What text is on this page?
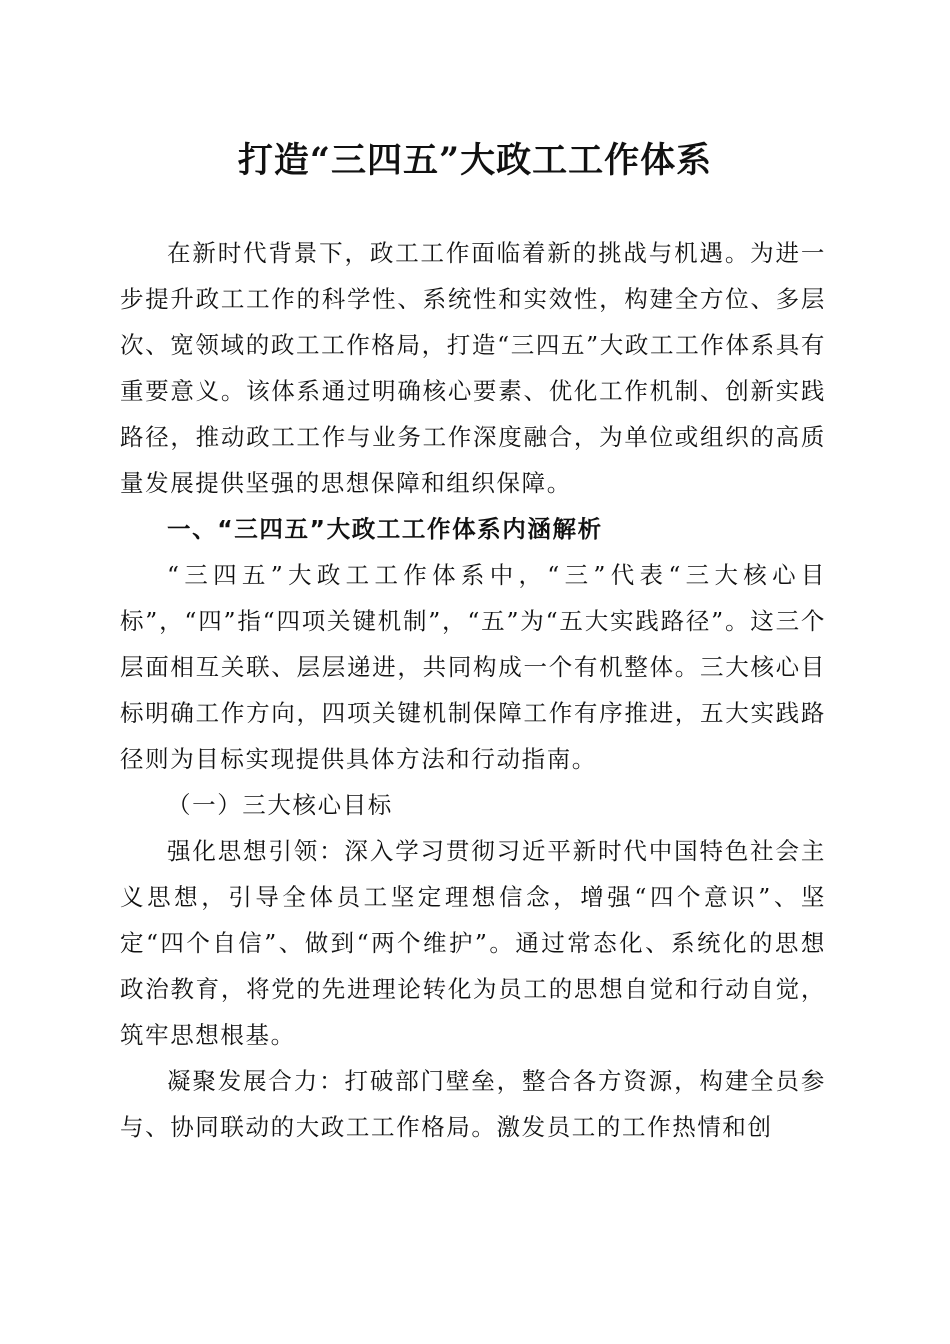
打造“三四五”大政工工作体系

在新时代背景下，政工工作面临着新的挑战与机遇。为进一步提升政工工作的科学性、系统性和实效性，构建全方位、多层次、宽领域的政工工作格局，打造“三四五”大政工工作体系具有重要意义。该体系通过明确核心要素、优化工作机制、创新实践路径，推动政工工作与业务工作深度融合，为单位或组织的高质量发展提供坚强的思想保障和组织保障。

一、“三四五”大政工工作体系内涵解析

“三四五”大政工工作体系中，“三”代表“三大核心目标”，“四”指“四项关键机制”，“五”为“五大实践路径”。这三个层面相互关联、层层递进，共同构成一个有机整体。三大核心目标明确工作方向，四项关键机制保障工作有序推进，五大实践路径则为目标实现提供具体方法和行动指南。

（一）三大核心目标

强化思想引领：深入学习贯彻习近平新时代中国特色社会主义思想，引导全体员工坚定理想信念，增强“四个意识”、坚定“四个自信”、做到“两个维护”。通过常态化、系统化的思想政治教育，将党的先进理论转化为员工的思想自觉和行动自觉，筑牢思想根基。

凝聚发展合力：打破部门壁垒，整合各方资源，构建全员参与、协同联动的大政工工作格局。激发员工的工作热情和创
